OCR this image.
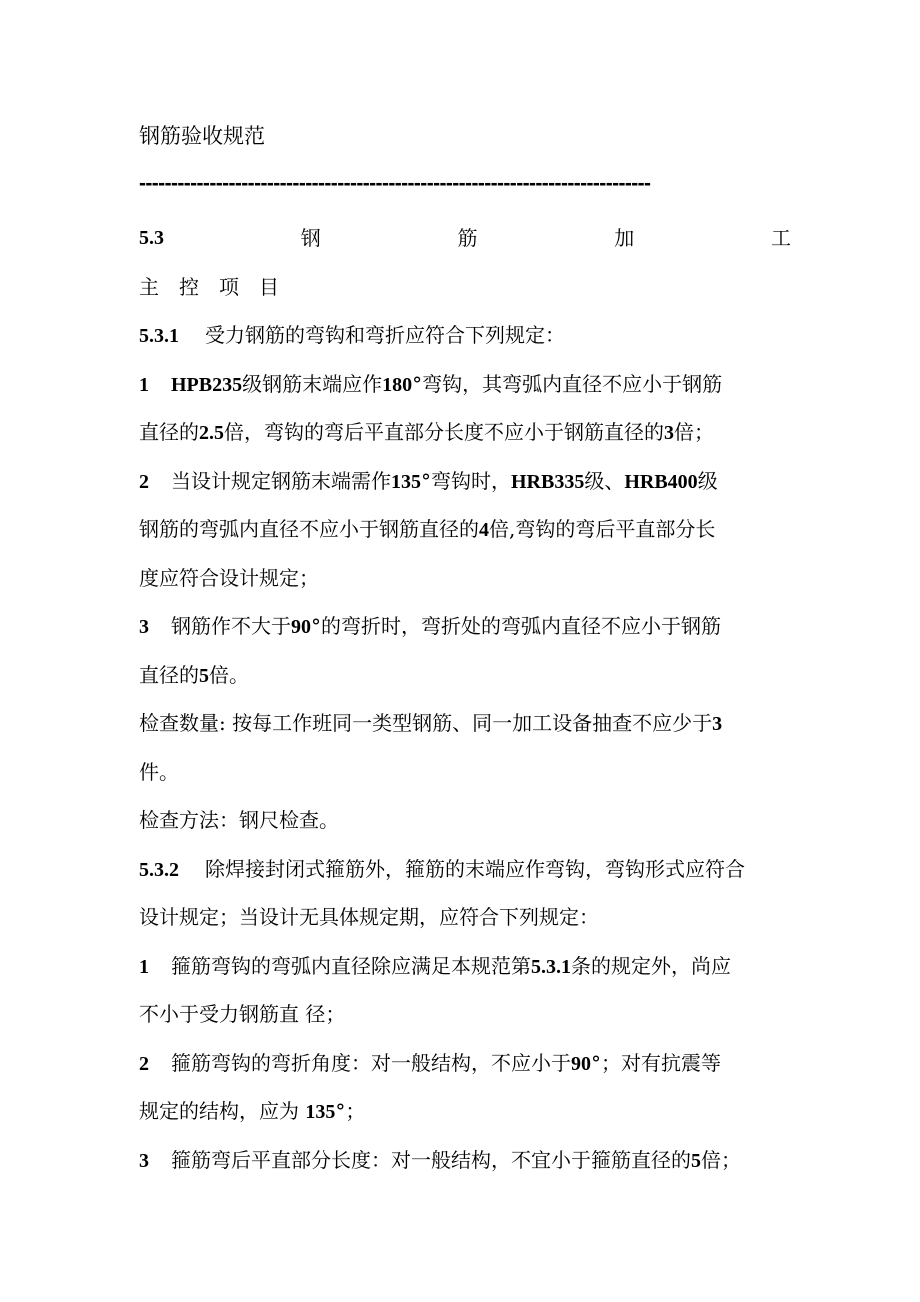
钢筋验收规范
--------------------------------------------------------------------------------
5.3	钢	筋	加	工
主控项目
5.3.1 受力钢筋的弯钩和弯折应符合下列规定：
1 HPB235级钢筋末端应作180°弯钩，其弯弧内直径不应小于钢筋
直径的2.5倍，弯钩的弯后平直部分长度不应小于钢筋直径的3倍；
2 当设计规定钢筋末端需作135°弯钩时，HRB335级、HRB400级
钢筋的弯弧内直径不应小于钢筋直径的4倍,弯钩的弯后平直部分长
度应符合设计规定；
3 钢筋作不大于90°的弯折时，弯折处的弯弧内直径不应小于钢筋
直径的5倍。
检查数量: 按每工作班同一类型钢筋、同一加工设备抽查不应少于3
件。
检查方法：钢尺检查。
5.3.2 除焊接封闭式箍筋外，箍筋的末端应作弯钩，弯钩形式应符合
设计规定；当设计无具体规定期，应符合下列规定：
1 箍筋弯钩的弯弧内直径除应满足本规范第5.3.1条的规定外，尚应
不小于受力钢筋直 径；
2 箍筋弯钩的弯折角度：对一般结构，不应小于90°；对有抗震等
规定的结构，应为 135°；
3 箍筋弯后平直部分长度：对一般结构，不宜小于箍筋直径的5倍；
